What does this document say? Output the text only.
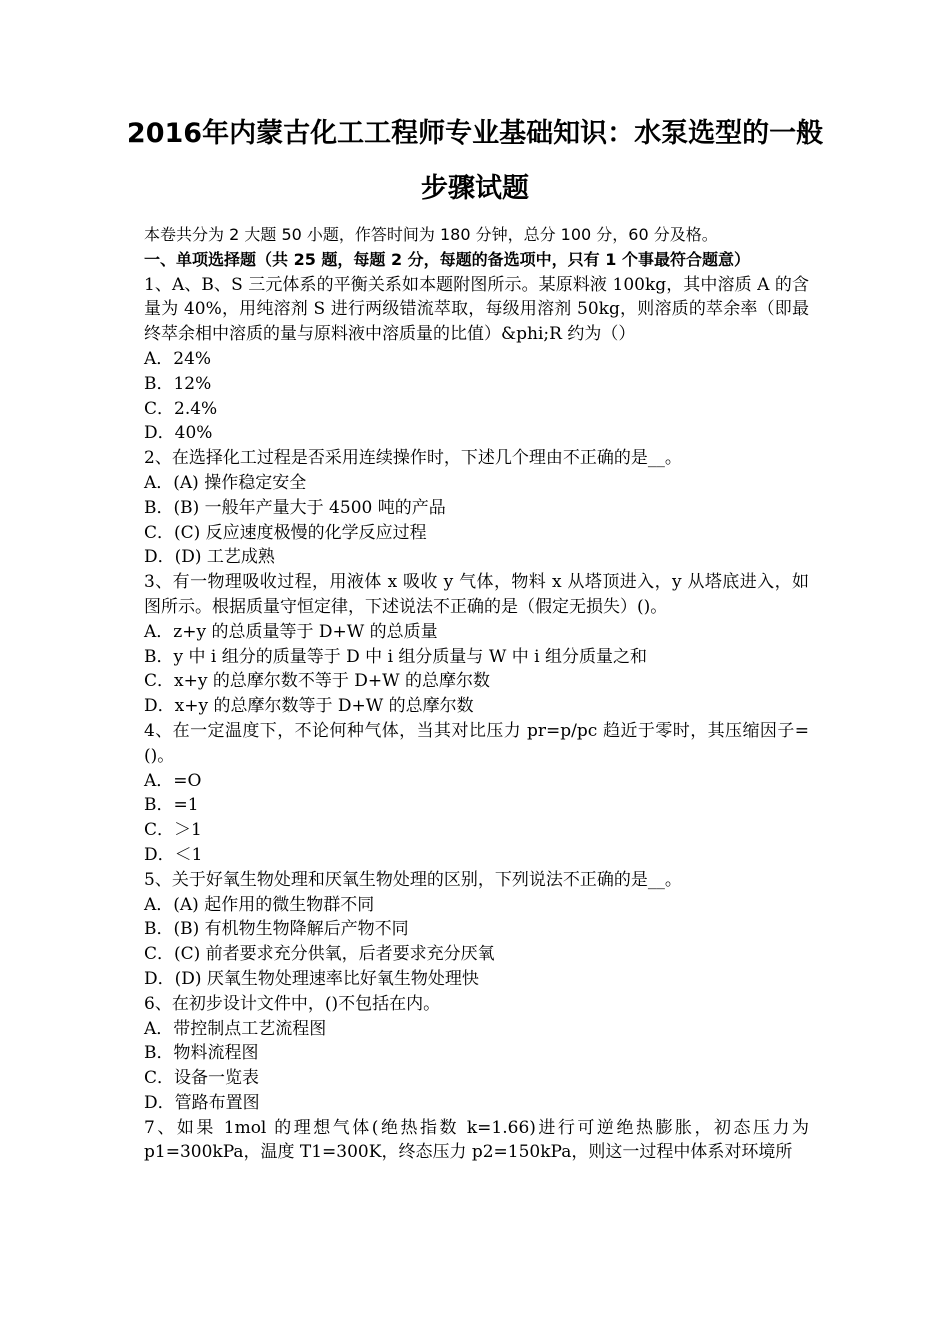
2016年内蒙古化工工程师专业基础知识：水泵选型的一般
步骤试题
本卷共分为 2 大题 50 小题，作答时间为 180 分钟，总分 100 分，60 分及格。
一、单项选择题（共 25 题，每题 2 分，每题的备选项中，只有 1 个事最符合题意）
1、A、B、S 三元体系的平衡关系如本题附图所示。某原料液 100kg，其中溶质 A 的含量为 40%，用纯溶剂 S 进行两级错流萃取，每级用溶剂 50kg，则溶质的萃余率（即最终萃余相中溶质的量与原料液中溶质量的比值）&phi;R 约为（）
A．24%
B．12%
C．2.4%
D．40%
2、在选择化工过程是否采用连续操作时，下述几个理由不正确的是__。
A．(A) 操作稳定安全
B．(B) 一般年产量大于 4500 吨的产品
C．(C) 反应速度极慢的化学反应过程
D．(D) 工艺成熟
3、有一物理吸收过程，用液体 x 吸收 y 气体，物料 x 从塔顶进入，y 从塔底进入，如图所示。根据质量守恒定律，下述说法不正确的是（假定无损失）()。
A．z+y 的总质量等于 D+W 的总质量
B．y 中 i 组分的质量等于 D 中 i 组分质量与 W 中 i 组分质量之和
C．x+y 的总摩尔数不等于 D+W 的总摩尔数
D．x+y 的总摩尔数等于 D+W 的总摩尔数
4、在一定温度下，不论何种气体，当其对比压力 pr=p/pc 趋近于零时，其压缩因子=()。
A．=O
B．=1
C．＞1
D．＜1
5、关于好氧生物处理和厌氧生物处理的区别，下列说法不正确的是__。
A．(A) 起作用的微生物群不同
B．(B) 有机物生物降解后产物不同
C．(C) 前者要求充分供氧，后者要求充分厌氧
D．(D) 厌氧生物处理速率比好氧生物处理快
6、在初步设计文件中，()不包括在内。
A．带控制点工艺流程图
B．物料流程图
C．设备一览表
D．管路布置图
7、如果 1mol 的理想气体(绝热指数 k=1.66)进行可逆绝热膨胀，初态压力为 p1=300kPa，温度 T1=300K，终态压力 p2=150kPa，则这一过程中体系对环境所
